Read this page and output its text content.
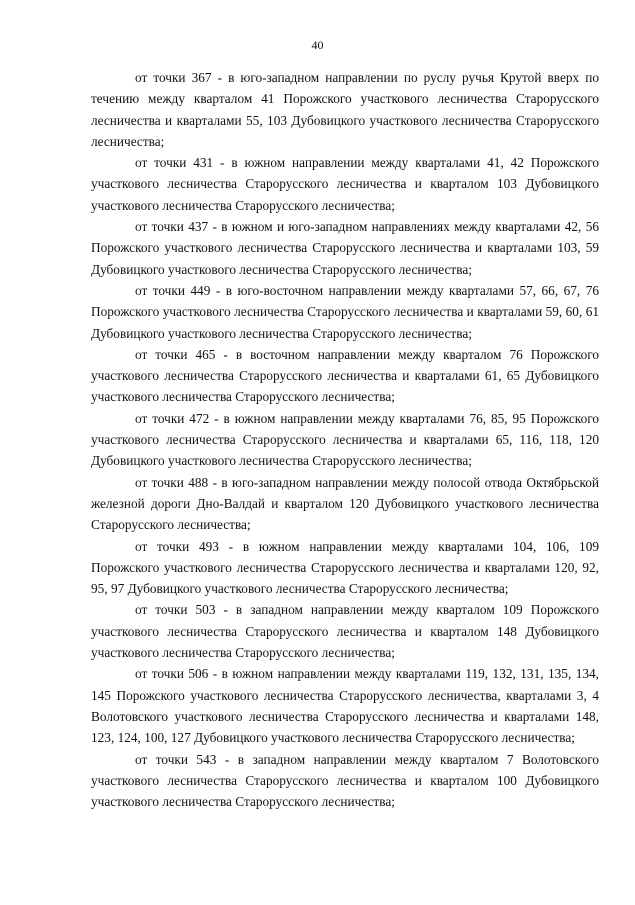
40

от точки 367 - в юго-западном направлении по руслу ручья Крутой вверх по течению между кварталом 41 Порожского участкового лесничества Старорусского лесничества и кварталами 55, 103 Дубовицкого участкового лесничества Старорусского лесничества;

от точки 431 - в южном направлении между кварталами 41, 42 Порожского участкового лесничества Старорусского лесничества и кварталом 103 Дубовицкого участкового лесничества Старорусского лесничества;

от точки 437 - в южном и юго-западном направлениях между кварталами 42, 56 Порожского участкового лесничества Старорусского лесничества и кварталами 103, 59 Дубовицкого участкового лесничества Старорусского лесничества;

от точки 449 - в юго-восточном направлении между кварталами 57, 66, 67, 76 Порожского участкового лесничества Старорусского лесничества и кварталами 59, 60, 61 Дубовицкого участкового лесничества Старорусского лесничества;

от точки 465 - в восточном направлении между кварталом 76 Порожского участкового лесничества Старорусского лесничества и кварталами 61, 65 Дубовицкого участкового лесничества Старорусского лесничества;

от точки 472 - в южном направлении между кварталами 76, 85, 95 Порожского участкового лесничества Старорусского лесничества и кварталами 65, 116, 118, 120 Дубовицкого участкового лесничества Старорусского лесничества;

от точки 488 - в юго-западном направлении между полосой отвода Октябрьской железной дороги Дно-Валдай и кварталом 120 Дубовицкого участкового лесничества Старорусского лесничества;

от точки 493 - в южном направлении между кварталами 104, 106, 109 Порожского участкового лесничества Старорусского лесничества и кварталами 120, 92, 95, 97 Дубовицкого участкового лесничества Старорусского лесничества;

от точки 503 - в западном направлении между кварталом 109 Порожского участкового лесничества Старорусского лесничества и кварталом 148 Дубовицкого участкового лесничества Старорусского лесничества;

от точки 506 - в южном направлении между кварталами 119, 132, 131, 135, 134, 145 Порожского участкового лесничества Старорусского лесничества, кварталами 3, 4 Волотовского участкового лесничества Старорусского лесничества и кварталами 148, 123, 124, 100, 127 Дубовицкого участкового лесничества Старорусского лесничества;

от точки 543 - в западном направлении между кварталом 7 Волотовского участкового лесничества Старорусского лесничества и кварталом 100 Дубовицкого участкового лесничества Старорусского лесничества;
